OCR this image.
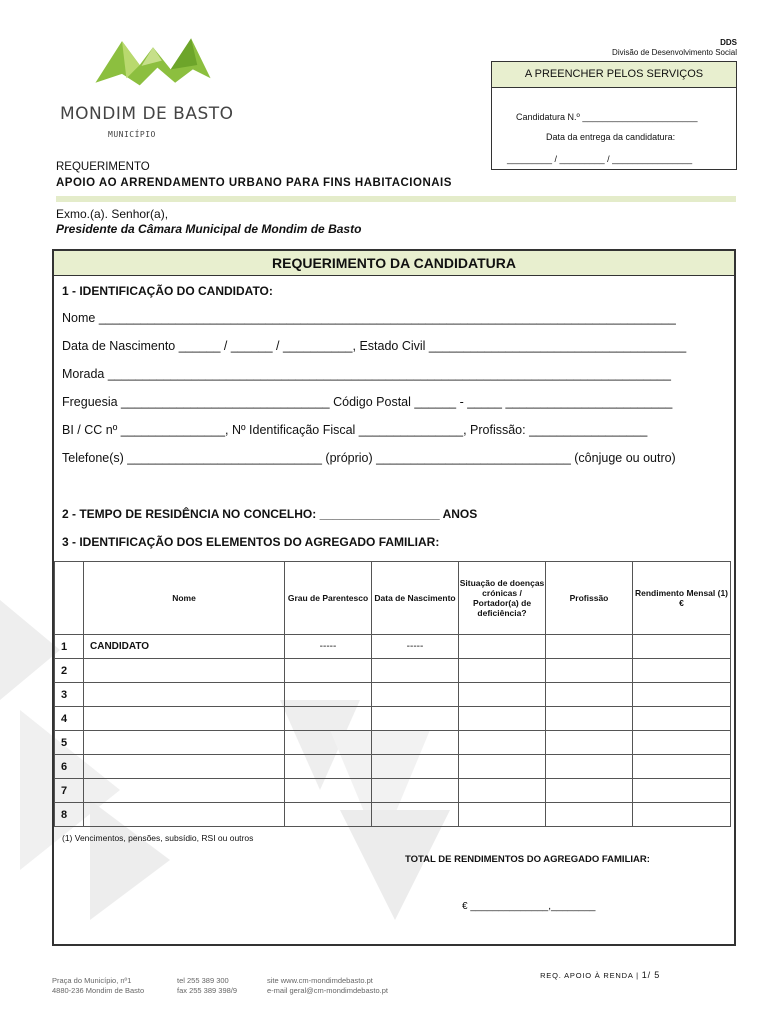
MONDIM DE BASTO
MUNICÍPIO
DDS
Divisão de Desenvolvimento Social
A PREENCHER PELOS SERVIÇOS
Candidatura N.º _______________________
Data da entrega da candidatura:
_________ / _________ / ________________
REQUERIMENTO
APOIO AO ARRENDAMENTO URBANO PARA FINS HABITACIONAIS
Exmo.(a). Senhor(a),
Presidente da Câmara Municipal de Mondim de Basto
REQUERIMENTO DA CANDIDATURA
1 - IDENTIFICAÇÃO DO CANDIDATO:
Nome ___________________________________________________________________________________
Data de Nascimento ______ / ______ / __________, Estado Civil _____________________________________
Morada _________________________________________________________________________________
Freguesia ______________________________ Código Postal ______ - _____ ________________________
BI / CC nº _______________, Nº Identificação Fiscal _______________, Profissão: _________________
Telefone(s) ____________________________ (próprio) ____________________________ (cônjuge ou outro)
2 - TEMPO DE RESIDÊNCIA NO CONCELHO: __________________ ANOS
3 - IDENTIFICAÇÃO DOS ELEMENTOS DO AGREGADO FAMILIAR:
	Nome	Grau de Parentesco	Data de Nascimento	Situação de doenças crónicas / Portador(a) de deficiência?	Profissão	Rendimento Mensal (1) €
1	CANDIDATO	-----	-----			
2						
3						
4						
5						
6						
7						
8						
(1) Vencimentos, pensões, subsídio, RSI ou outros
TOTAL DE RENDIMENTOS DO AGREGADO FAMILIAR:
€ ______________,________
Praça do Município, nº1
4880-236 Mondim de Basto
tel 255 389 300
fax 255 389 398/9
site www.cm-mondimdebasto.pt
e-mail geral@cm-mondimdebasto.pt
REQ. APOIO À RENDA | 1/ 5
